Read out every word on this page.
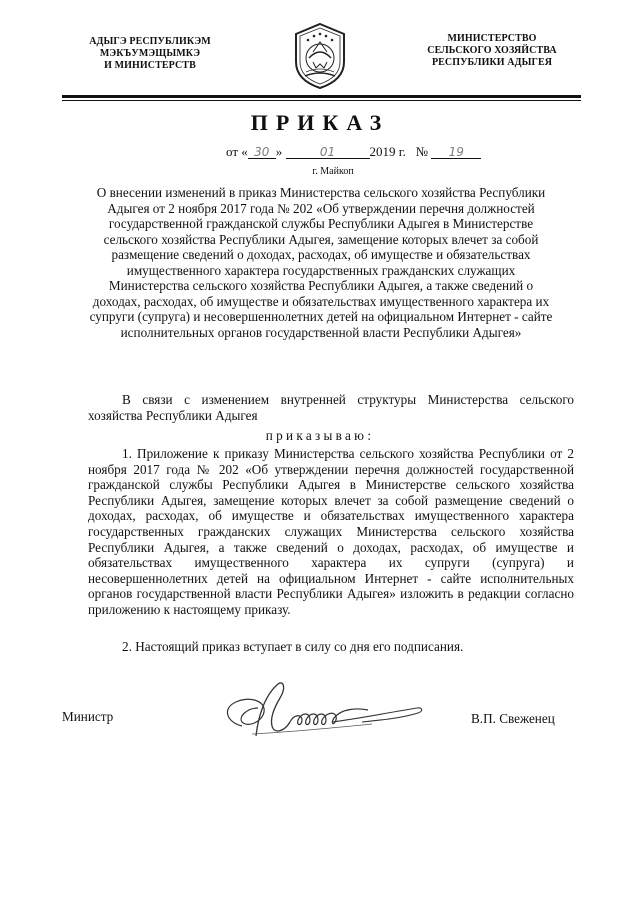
АДЫГЭ РЕСПУБЛИКЭМ
МЭКЪУМЭЩЫМКЭ
И МИНИСТЕРСТВ
МИНИСТЕРСТВО
СЕЛЬСКОГО ХОЗЯЙСТВА
РЕСПУБЛИКИ АДЫГЕЯ
ПРИКАЗ
от « 30 »	01	2019 г. № 19
г. Майкоп
О внесении изменений в приказ Министерства сельского хозяйства Республики Адыгея от 2 ноября 2017 года № 202 «Об утверждении перечня должностей государственной гражданской службы Республики Адыгея в Министерстве сельского хозяйства Республики Адыгея, замещение которых влечет за собой размещение сведений о доходах, расходах, об имуществе и обязательствах имущественного характера государственных гражданских служащих Министерства сельского хозяйства Республики Адыгея, а также сведений о доходах, расходах, об имуществе и обязательствах имущественного характера их супруги (супруга) и несовершеннолетних детей на официальном Интернет - сайте исполнительных органов государственной власти Республики Адыгея»
В связи с изменением внутренней структуры Министерства сельского хозяйства Республики Адыгея
приказываю:
1. Приложение к приказу Министерства сельского хозяйства Республики от 2 ноября 2017 года № 202 «Об утверждении перечня должностей государственной гражданской службы Республики Адыгея в Министерстве сельского хозяйства Республики Адыгея, замещение которых влечет за собой размещение сведений о доходах, расходах, об имуществе и обязательствах имущественного характера государственных гражданских служащих Министерства сельского хозяйства Республики Адыгея, а также сведений о доходах, расходах, об имуществе и обязательствах имущественного характера их супруги (супруга) и несовершеннолетних детей на официальном Интернет - сайте исполнительных органов государственной власти Республики Адыгея» изложить в редакции согласно приложению к настоящему приказу.
2. Настоящий приказ вступает в силу со дня его подписания.
Министр	В.П. Свеженец
